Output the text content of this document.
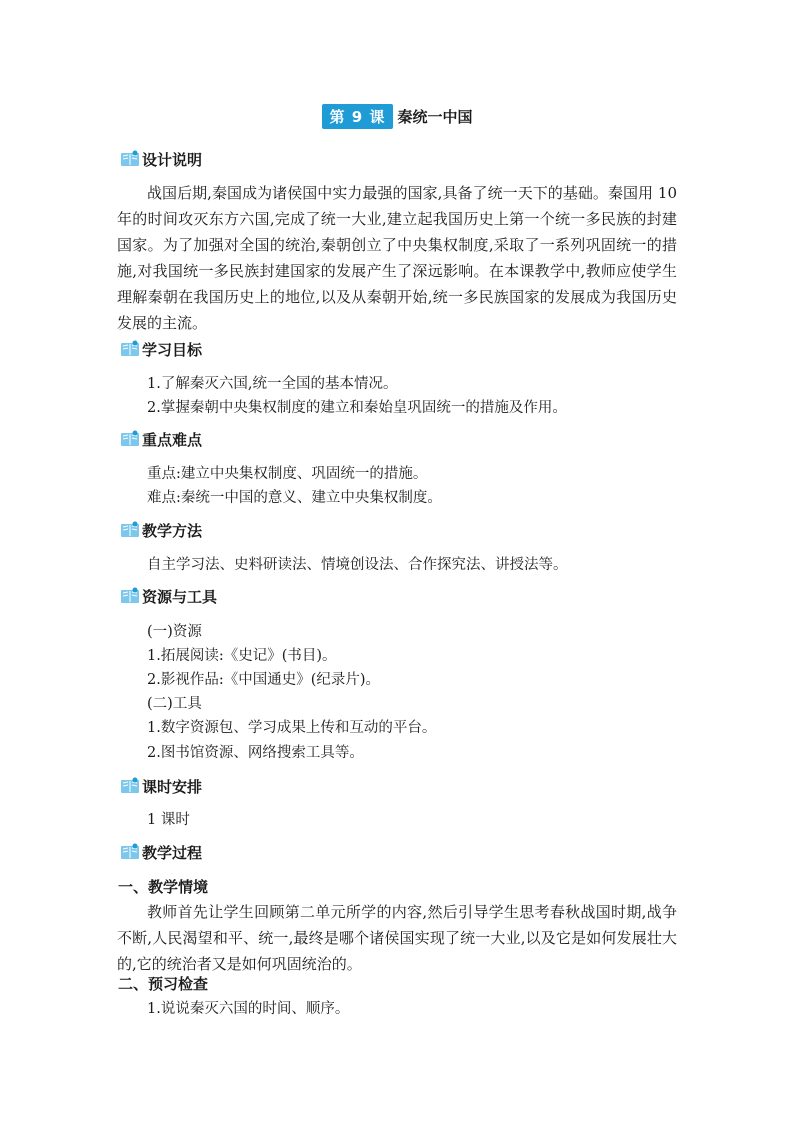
第 9 课 秦统一中国
设计说明

战国后期,秦国成为诸侯国中实力最强的国家,具备了统一天下的基础。秦国用 10 年的时间攻灭东方六国,完成了统一大业,建立起我国历史上第一个统一多民族的封建国家。为了加强对全国的统治,秦朝创立了中央集权制度,采取了一系列巩固统一的措施,对我国统一多民族封建国家的发展产生了深远影响。在本课教学中,教师应使学生理解秦朝在我国历史上的地位,以及从秦朝开始,统一多民族国家的发展成为我国历史发展的主流。

学习目标
1.了解秦灭六国,统一全国的基本情况。
2.掌握秦朝中央集权制度的建立和秦始皇巩固统一的措施及作用。
重点难点
重点:建立中央集权制度、巩固统一的措施。
难点:秦统一中国的意义、建立中央集权制度。
教学方法
自主学习法、史料研读法、情境创设法、合作探究法、讲授法等。
资源与工具
(一)资源
1.拓展阅读:《史记》(书目)。
2.影视作品:《中国通史》(纪录片)。
(二)工具
1.数字资源包、学习成果上传和互动的平台。
2.图书馆资源、网络搜索工具等。
课时安排
1 课时
教学过程
一、教学情境

教师首先让学生回顾第二单元所学的内容,然后引导学生思考春秋战国时期,战争不断,人民渴望和平、统一,最终是哪个诸侯国实现了统一大业,以及它是如何发展壮大的,它的统治者又是如何巩固统治的。

二、预习检查
1.说说秦灭六国的时间、顺序。
